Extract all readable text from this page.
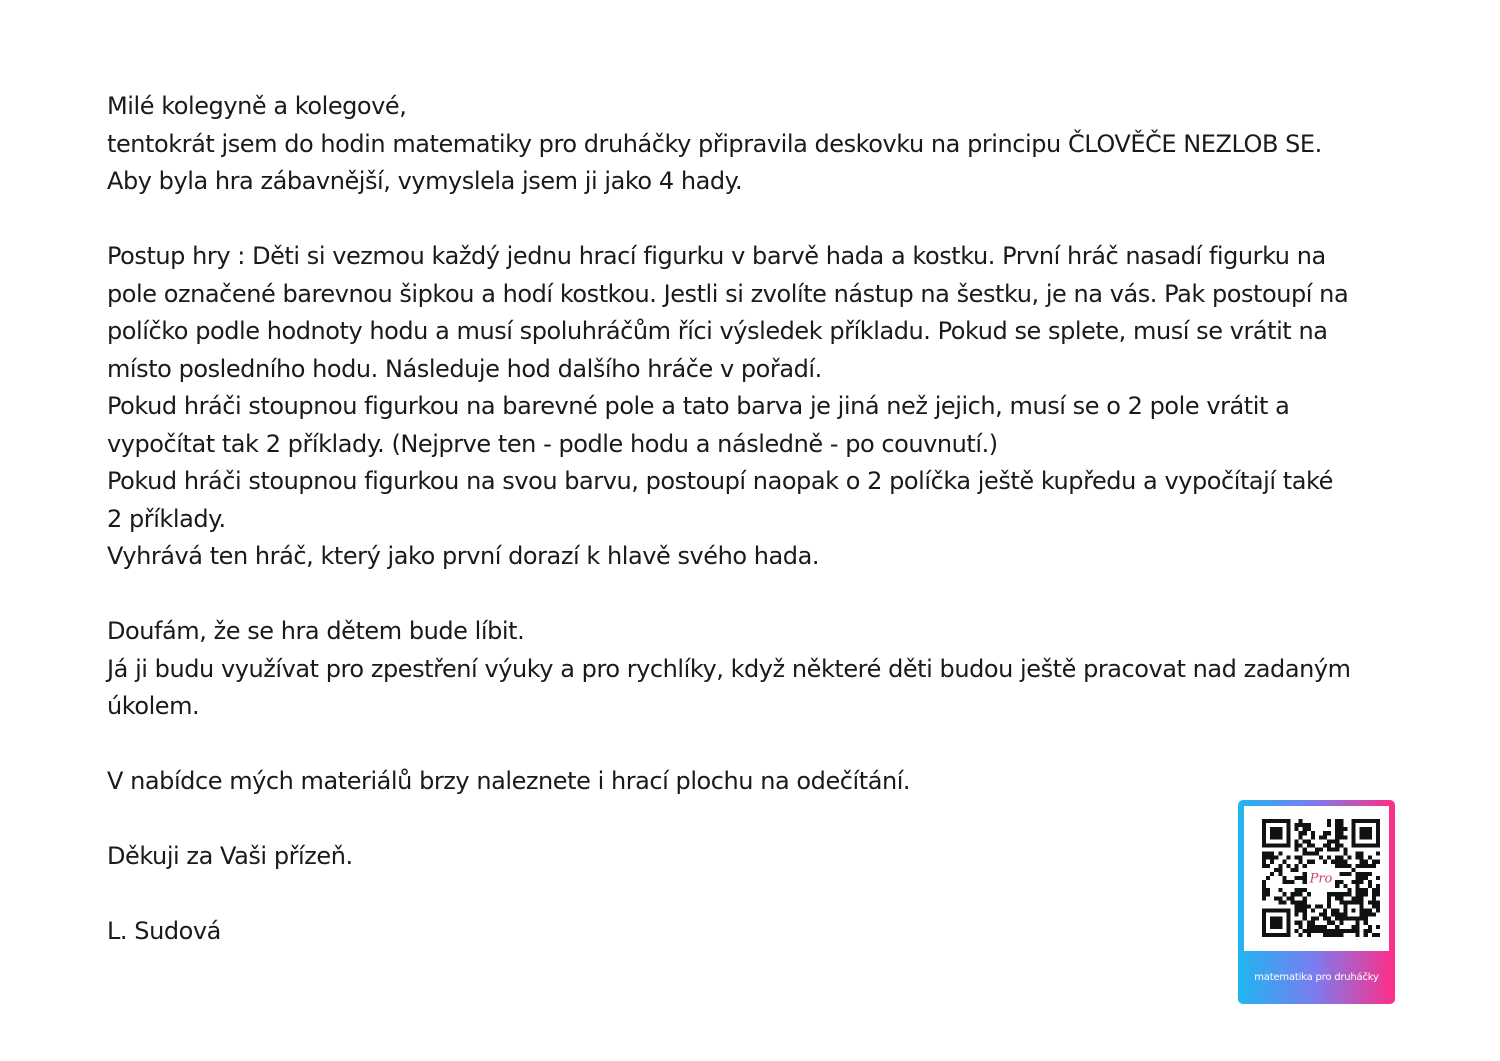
Milé kolegyně a kolegové,
tentokrát jsem do hodin matematiky pro druháčky připravila deskovku na principu ČLOVĚČE NEZLOB SE.
Aby byla hra zábavnější, vymyslela jsem ji jako 4 hady.
Postup hry : Děti si vezmou každý jednu hrací figurku v barvě hada a kostku. První hráč nasadí figurku na
pole označené barevnou šipkou a hodí kostkou. Jestli si zvolíte nástup na šestku, je na vás. Pak postoupí na
políčko podle hodnoty hodu a musí spoluhráčům říci výsledek příkladu. Pokud se splete, musí se vrátit na
místo posledního hodu. Následuje hod dalšího hráče v pořadí.
Pokud hráči stoupnou figurkou na barevné pole a tato barva je jiná než jejich, musí se o 2 pole vrátit a
vypočítat tak 2 příklady. (Nejprve ten - podle hodu a následně - po couvnutí.)
Pokud hráči stoupnou figurkou na svou barvu, postoupí naopak o 2 políčka ještě kupředu a vypočítají také
2 příklady.
Vyhrává ten hráč, který jako první dorazí k hlavě svého hada.
Doufám, že se hra dětem bude líbit.
Já ji budu využívat pro zpestření výuky a pro rychlíky, když některé děti budou ještě pracovat nad zadaným
úkolem.
V nabídce mých materiálů brzy naleznete i hrací plochu na odečítání.
Děkuji za Vaši přízeň.
L. Sudová
Pro
matematika pro druháčky
